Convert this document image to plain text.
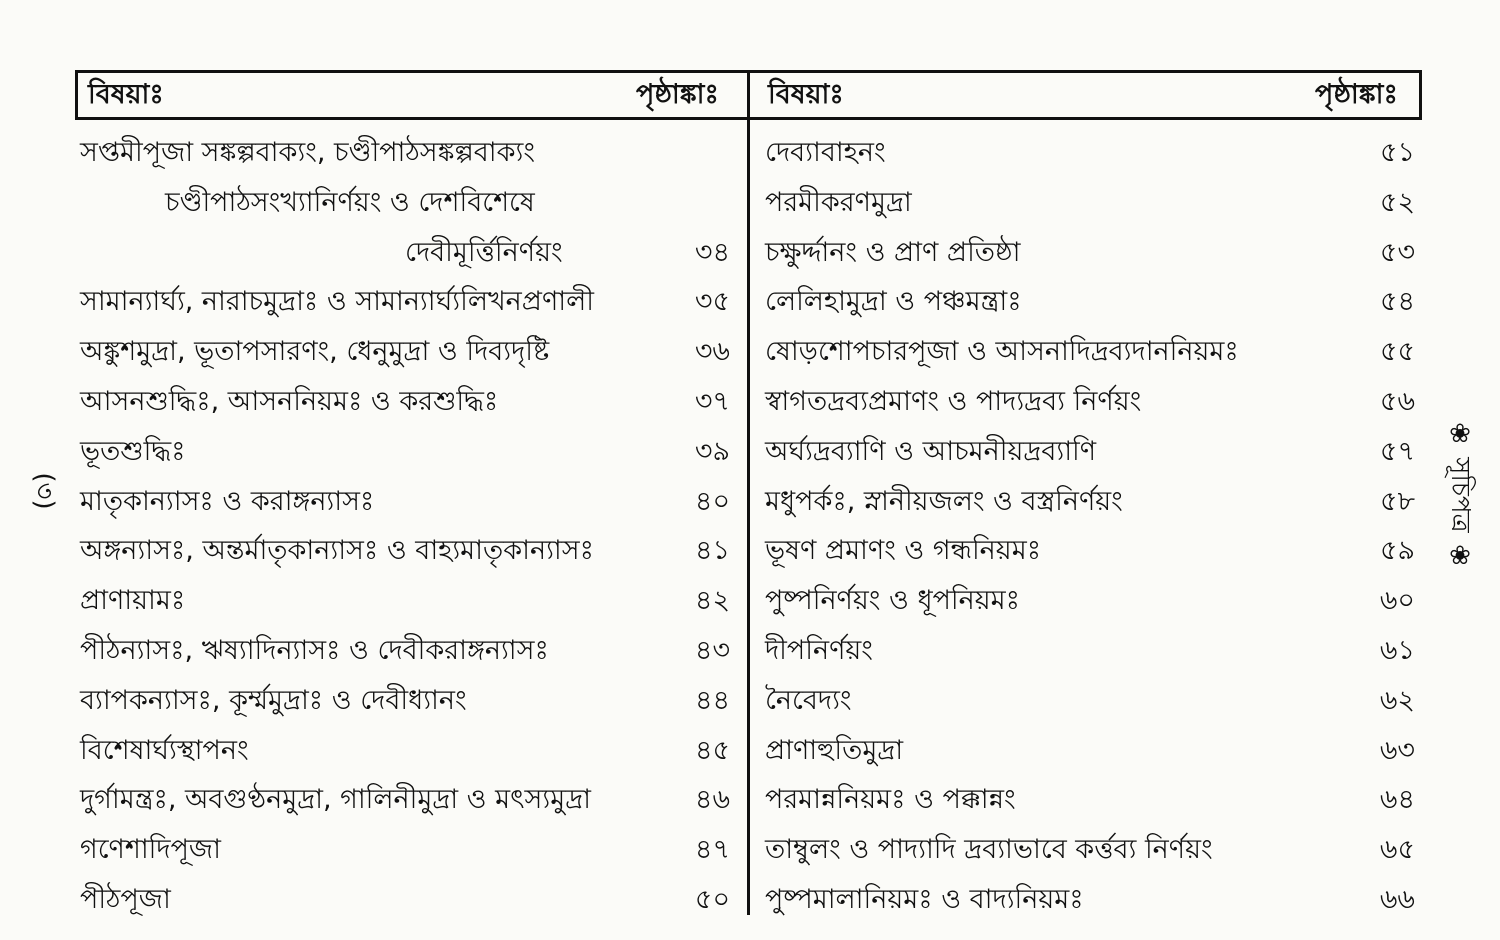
(৩)	❀ সূচিপত্র ❀
বিষয়াঃ	পৃষ্ঠাঙ্কাঃ বিষয়াঃ	পৃষ্ঠাঙ্কাঃ
সপ্তমীপূজা সঙ্কল্পবাক্যং, চণ্ডীপাঠসঙ্কল্পবাক্যং
চণ্ডীপাঠসংখ্যানির্ণয়ং ও দেশবিশেষে
দেবীমূর্ত্তিনির্ণয়ং	৩৪
সামান্যার্ঘ্য, নারাচমুদ্রাঃ ও সামান্যার্ঘ্যলিখনপ্রণালী	৩৫
অঙ্কুশমুদ্রা, ভূতাপসারণং, ধেনুমুদ্রা ও দিব্যদৃষ্টি	৩৬
আসনশুদ্ধিঃ, আসননিয়মঃ ও করশুদ্ধিঃ	৩৭
ভূতশুদ্ধিঃ	৩৯
মাতৃকান্যাসঃ ও করাঙ্গন্যাসঃ	৪০
অঙ্গন্যাসঃ, অন্তর্মাতৃকান্যাসঃ ও বাহ্যমাতৃকান্যাসঃ	৪১
প্রাণায়ামঃ	৪২
পীঠন্যাসঃ, ঋষ্যাদিন্যাসঃ ও দেবীকরাঙ্গন্যাসঃ	৪৩
ব্যাপকন্যাসঃ, কূর্ম্মমুদ্রাঃ ও দেবীধ্যানং	৪৪
বিশেষার্ঘ্যস্থাপনং	৪৫
দুর্গামন্ত্রঃ, অবগুণ্ঠনমুদ্রা, গালিনীমুদ্রা ও মৎস্যমুদ্রা	৪৬
গণেশাদিপূজা	৪৭
পীঠপূজা	৫০
দেব্যাবাহনং	৫১
পরমীকরণমুদ্রা	৫২
চক্ষুর্দ্দানং ও প্রাণ প্রতিষ্ঠা	৫৩
লেলিহামুদ্রা ও পঞ্চমন্ত্রাঃ	৫৪
ষোড়শোপচারপূজা ও আসনাদিদ্রব্যদাননিয়মঃ	৫৫
স্বাগতদ্রব্যপ্রমাণং ও পাদ্যদ্রব্য নির্ণয়ং	৫৬
অর্ঘ্যদ্রব্যাণি ও আচমনীয়দ্রব্যাণি	৫৭
মধুপর্কঃ, স্নানীয়জলং ও বস্ত্রনির্ণয়ং	৫৮
ভূষণ প্রমাণং ও গন্ধনিয়মঃ	৫৯
পুষ্পনির্ণয়ং ও ধূপনিয়মঃ	৬০
দীপনির্ণয়ং	৬১
নৈবেদ্যং	৬২
প্রাণাহুতিমুদ্রা	৬৩
পরমান্ননিয়মঃ ও পক্কান্নং	৬৪
তাম্বুলং ও পাদ্যাদি দ্রব্যাভাবে কর্ত্তব্য নির্ণয়ং	৬৫
পুষ্পমালানিয়মঃ ও বাদ্যনিয়মঃ	৬৬
